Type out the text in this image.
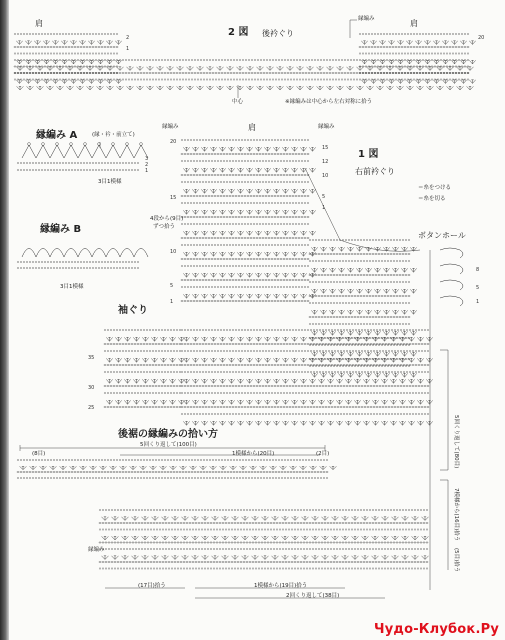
肩
2 図 後衿ぐり
縁編み	肩
20
中心	※縁編みは中心から左右対称に拾う
2
1
縁編み A	(縁・衿・前立て)
3目1模様
3
2
1
縁編み B
3目1模様
縁編み	肩	縁編み
1 図
右前衿ぐり
＝糸をつける
＝糸を切る
4段から(9目)
ずつ拾う
ボタンホール
袖ぐり
20
15
10
5
1
15
12
10
5
1
35
30
25
8
5
1
後裾の縁編みの拾い方
5回くり返して(100目)
(8目)	1模様から(20目)	(2目)
縁編み
(17目)拾う	1模様から(19目)拾う
2回くり返して(38目)
5回くり返して(80目)
7模様から(16目)拾う
(5目)拾う
Чудо-Клубок.Ру
